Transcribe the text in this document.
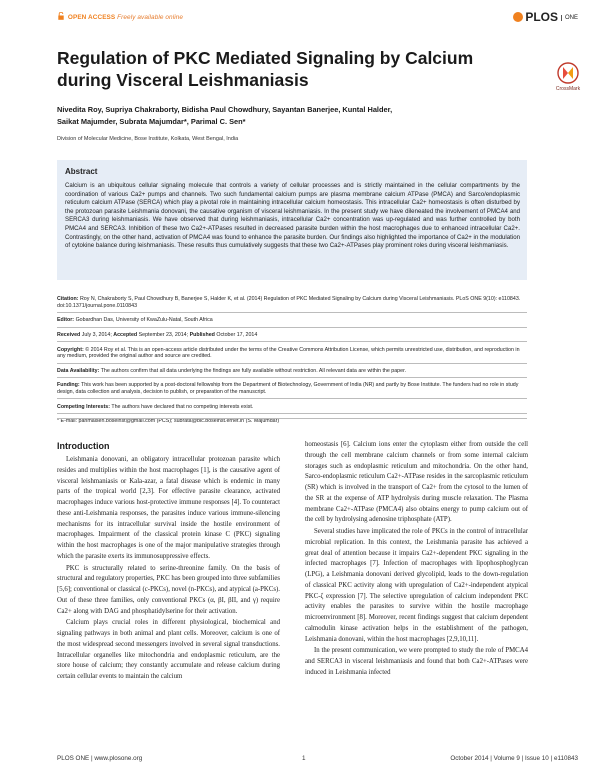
OPEN ACCESS Freely available online	PLOS ONE
Regulation of PKC Mediated Signaling by Calcium during Visceral Leishmaniasis	CrossMark
Nivedita Roy, Supriya Chakraborty, Bidisha Paul Chowdhury, Sayantan Banerjee, Kuntal Halder,
Saikat Majumder, Subrata Majumdar*, Parimal C. Sen*
Division of Molecular Medicine, Bose Institute, Kolkata, West Bengal, India
Abstract

Calcium is an ubiquitous cellular signaling molecule that controls a variety of cellular processes and is strictly maintained in the cellular compartments by the coordination of various Ca2+ pumps and channels. Two such fundamental calcium pumps are plasma membrane calcium ATPase (PMCA) and Sarco/endoplasmic reticulum calcium ATPase (SERCA) which play a pivotal role in maintaining intracellular calcium homeostasis. This intracellular Ca2+ homeostasis is often disturbed by the protozoan parasite Leishmania donovani, the causative organism of visceral leishmaniasis. In the present study we have dileneated the involvement of PMCA4 and SERCA3 during leishmaniasis. We have observed that during leishmaniasis, intracellular Ca2+ concentration was up-regulated and was further controlled by both PMCA4 and SERCA3. Inhibition of these two Ca2+-ATPases resulted in decreased parasite burden within the host macrophages due to enhanced intracellular Ca2+. Contrastingly, on the other hand, activation of PMCA4 was found to enhance the parasite burden. Our findings also highlighted the importance of Ca2+ in the modulation of cytokine balance during leishmaniasis. These results thus cumulatively suggests that these two Ca2+-ATPases play prominent roles during visceral leishmaniasis.

Citation: Roy N, Chakraborty S, Paul Chowdhury B, Banerjee S, Halder K, et al. (2014) Regulation of PKC Mediated Signaling by Calcium during Visceral Leishmaniasis. PLoS ONE 9(10): e110843. doi:10.1371/journal.pone.0110843
Editor: Gobardhan Das, University of KwaZulu-Natal, South Africa
Received July 3, 2014; Accepted September 23, 2014; Published October 17, 2014
Copyright: © 2014 Roy et al. This is an open-access article distributed under the terms of the Creative Commons Attribution License, which permits unrestricted use, distribution, and reproduction in any medium, provided the original author and source are credited.
Data Availability: The authors confirm that all data underlying the findings are fully available without restriction. All relevant data are within the paper.
Funding: This work has been supported by a post-doctoral fellowship from the Department of Biotechnology, Government of India (NR) and partly by Bose Institute. The funders had no role in study design, data collection and analysis, decision to publish, or preparation of the manuscript.
Competing Interests: The authors have declared that no competing interests exist.
* E-mail: parimalsen.boseinst@gmail.com (PCS); subrata@bic.boseinst.ernet.in (S. Majumdar)
Introduction

Leishmania donovani, an obligatory intracellular protozoan parasite which resides and multiplies within the host macrophages [1], is the causative agent of visceral leishmaniasis or Kala-azar, a fatal disease which is endemic in many parts of the tropical world [2,3]. For effective parasite clearance, activated macrophages induce various host-protective immune responses [4]. To counteract these anti-Leishmania responses, the parasites induce various immune-silencing mechanisms for its intracellular survival inside the hostile environment of macrophages. Impairment of the classical protein kinase C (PKC) signaling within the host macrophages is one of the major manipulative strategies through which the parasite exerts its immunosuppressive effects.

PKC is structurally related to serine-threonine family. On the basis of structural and regulatory properties, PKC has been grouped into three subfamilies [5,6]; conventional or classical (c-PKCs), novel (n-PKCs), and atypical (a-PKCs). Out of these three families, only conventional PKCs (α, βI, βII, and γ) require Ca2+ along with DAG and phosphatidylserine for their activation.

Calcium plays crucial roles in different physiological, biochemical and signaling pathways in both animal and plant cells. Moreover, calcium is one of the most widespread second messengers involved in several signal transductions. Intracellular organelles like mitochondria and endoplasmic reticulum, are the store house of calcium; they constantly accumulate and release calcium during certain cellular events to maintain the calcium

homeostasis [6]. Calcium ions enter the cytoplasm either from outside the cell through the cell membrane calcium channels or from some internal calcium storages such as endoplasmic reticulum and mitochondria. On the other hand, Sarco-endoplasmic reticulum Ca2+-ATPase resides in the sarcoplasmic reticulum (SR) which is involved in the transport of Ca2+ from the cytosol to the lumen of the SR at the expense of ATP hydrolysis during muscle relaxation. The Plasma membrane Ca2+-ATPase (PMCA4) also obtains energy to pump calcium out of the cell by hydrolysing adenosine triphosphate (ATP).

Several studies have implicated the role of PKCs in the control of intracellular microbial replication. In this context, the Leishmania parasite has achieved a great deal of attention because it impairs Ca2+-dependent PKC signaling in the infected macrophages [7]. Infection of macrophages with lipophosphoglycan (LPG), a Leishmania donovani derived glycolipid, leads to the down-regulation of classical PKC activity along with upregulation of Ca2+-independent atypical PKC-ζ expression [7]. The selective upregulation of calcium independent PKC activity enables the parasites to survive within the hostile macrophage microenvironment [8]. Moreover, recent findings suggest that calcium dependent calmodulin kinase activation helps in the establishment of the pathogen, Leishmania donovani, within the host macrophages [2,9,10,11].

In the present communication, we were prompted to study the role of PMCA4 and SERCA3 in visceral leishmaniasis and found that both Ca2+-ATPases were induced in Leishmania infected

PLOS ONE | www.plosone.org	1	October 2014 | Volume 9 | Issue 10 | e110843
